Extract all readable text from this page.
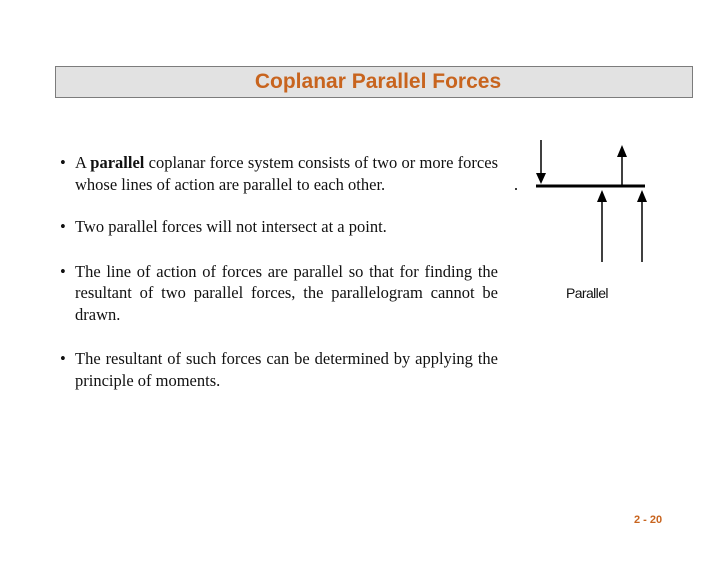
Coplanar Parallel Forces
• A parallel coplanar force system consists of two or more forces whose lines of action are parallel to each other.
• Two parallel forces will not intersect at a point.
• The line of action of forces are parallel so that for finding the resultant of two parallel forces, the parallelogram cannot be drawn.
• The resultant of such forces can be determined by applying the principle of moments.
Parallel
2 - 20
